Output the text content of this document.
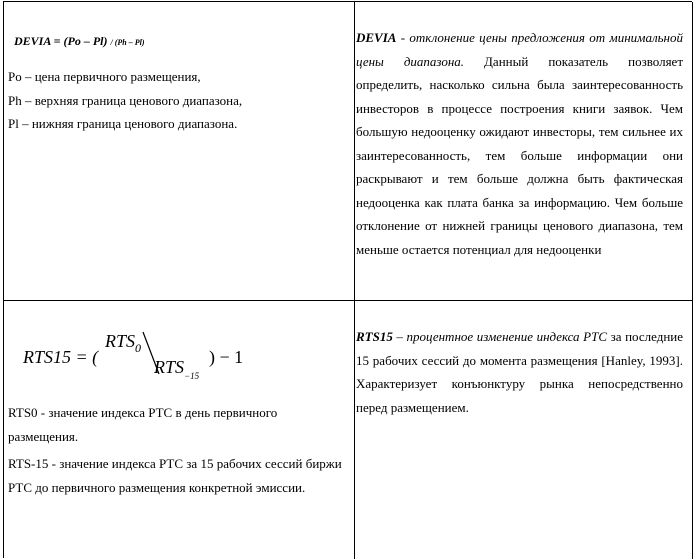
DEVIA = (Po – Pl) / (Ph – Pl)

Po – цена первичного размещения,

Ph – верхняя граница ценового диапазона,

Pl – нижняя граница ценового диапазона.

DEVIA - отклонение цены предложения от минимальной цены диапазона. Данный показатель позволяет определить, насколько сильна была заинтересованность инвесторов в процессе построения книги заявок. Чем большую недооценку ожидают инвесторы, тем сильнее их заинтересованность, тем больше информации они раскрывают и тем больше должна быть фактическая недооценка как плата банка за информацию. Чем больше отклонение от нижней границы ценового диапазона, тем меньше остается потенциал для недооценки

RTS15 = (
$RTS_0$
$RTS_{-15}$
) − 1

RTS0 - значение индекса РТС в день первичного размещения.

RTS-15 - значение индекса РТС за 15 рабочих сессий биржи РТС до первичного размещения конкретной эмиссии.

RTS15 – процентное изменение индекса РТС за последние 15 рабочих сессий до момента размещения [Hanley, 1993]. Характеризует конъюнктуру рынка непосредственно перед размещением.
